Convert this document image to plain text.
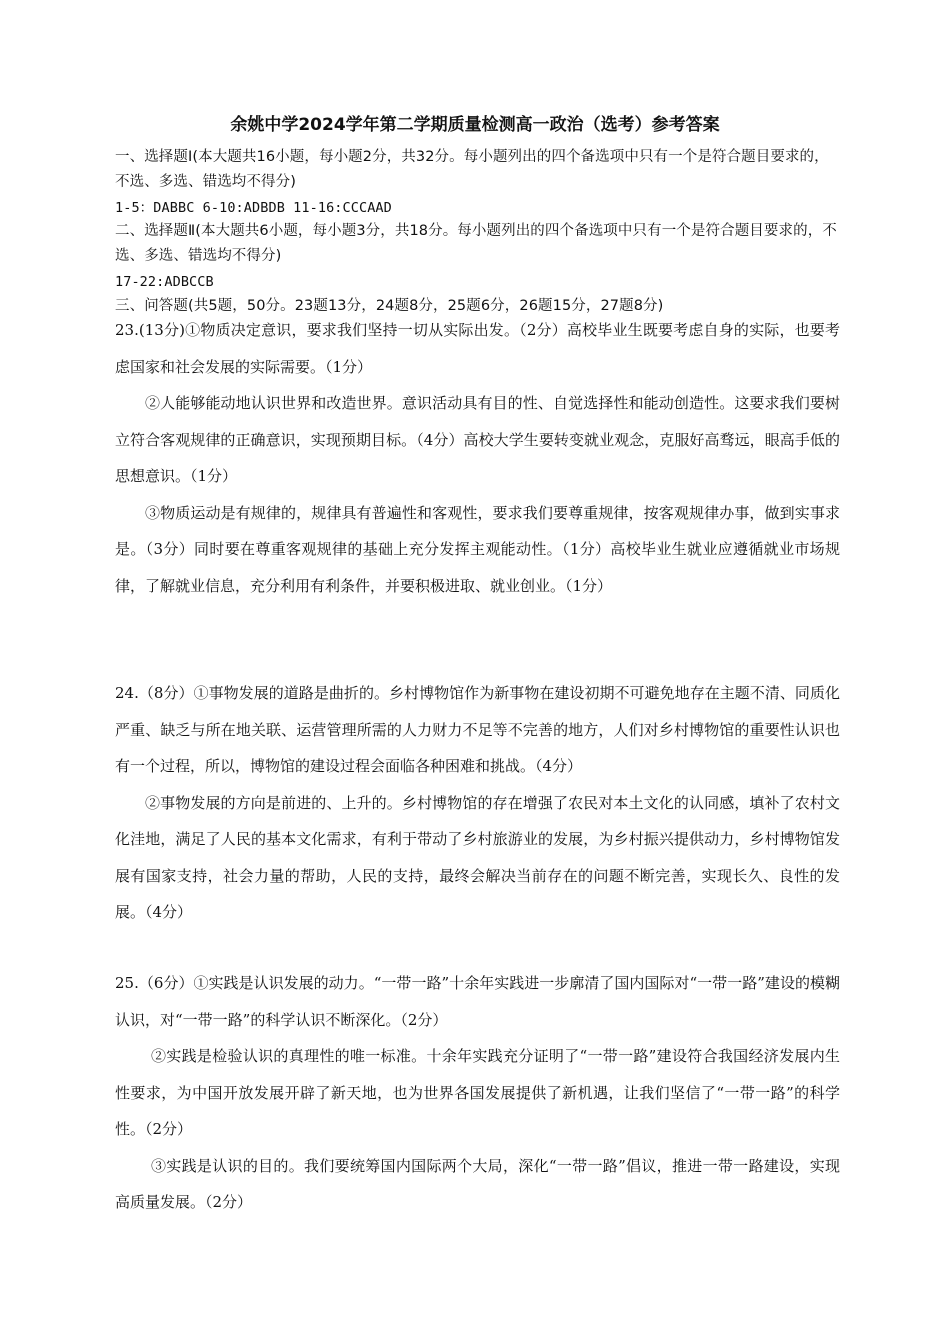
余姚中学2024学年第二学期质量检测高一政治（选考）参考答案
一、选择题Ⅰ(本大题共16小题，每小题2分，共32分。每小题列出的四个备选项中只有一个是符合题目要求的，不选、多选、错选均不得分)
1-5：DABBC 6-10:ADBDB 11-16:CCCAAD
二、选择题Ⅱ(本大题共6小题，每小题3分，共18分。每小题列出的四个备选项中只有一个是符合题目要求的，不选、多选、错选均不得分)
17-22:ADBCCB
三、问答题(共5题，50分。23题13分，24题8分，25题6分，26题15分，27题8分)

23.(13分)①物质决定意识，要求我们坚持一切从实际出发。（2分）高校毕业生既要考虑自身的实际，也要考虑国家和社会发展的实际需要。（1分）

②人能够能动地认识世界和改造世界。意识活动具有目的性、自觉选择性和能动创造性。这要求我们要树立符合客观规律的正确意识，实现预期目标。（4分）高校大学生要转变就业观念，克服好高骛远，眼高手低的思想意识。（1分）

③物质运动是有规律的，规律具有普遍性和客观性，要求我们要尊重规律，按客观规律办事，做到实事求是。（3分）同时要在尊重客观规律的基础上充分发挥主观能动性。（1分）高校毕业生就业应遵循就业市场规律，了解就业信息，充分利用有利条件，并要积极进取、就业创业。（1分）

24.（8分）①事物发展的道路是曲折的。乡村博物馆作为新事物在建设初期不可避免地存在主题不清、同质化严重、缺乏与所在地关联、运营管理所需的人力财力不足等不完善的地方，人们对乡村博物馆的重要性认识也有一个过程，所以，博物馆的建设过程会面临各种困难和挑战。（4分）

②事物发展的方向是前进的、上升的。乡村博物馆的存在增强了农民对本土文化的认同感，填补了农村文化洼地，满足了人民的基本文化需求，有利于带动了乡村旅游业的发展，为乡村振兴提供动力，乡村博物馆发展有国家支持，社会力量的帮助，人民的支持，最终会解决当前存在的问题不断完善，实现长久、良性的发展。（4分）

25.（6分）①实践是认识发展的动力。“一带一路”十余年实践进一步廓清了国内国际对“一带一路”建设的模糊认识，对“一带一路”的科学认识不断深化。（2分）

②实践是检验认识的真理性的唯一标准。十余年实践充分证明了“一带一路”建设符合我国经济发展内生性要求，为中国开放发展开辟了新天地，也为世界各国发展提供了新机遇，让我们坚信了“一带一路”的科学性。（2分）

③实践是认识的目的。我们要统筹国内国际两个大局，深化“一带一路”倡议，推进一带一路建设，实现高质量发展。（2分）
